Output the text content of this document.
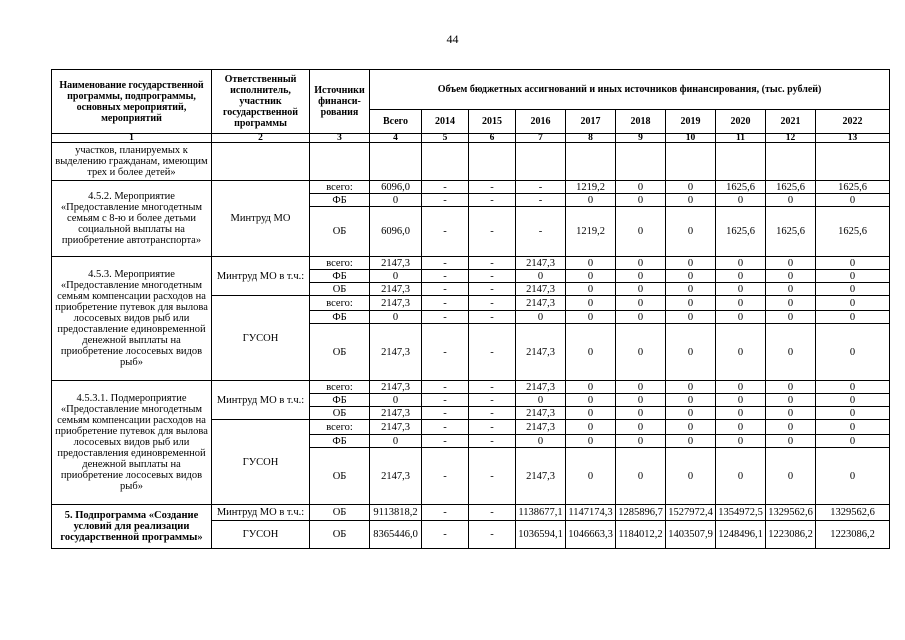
44
Наименование государственной программы, подпрограммы, основных мероприятий, мероприятий	Ответственный исполнитель, участник государственной программы	Источники финанси-рования	Объем бюджетных ассигнований и иных источников финансирования, (тыс. рублей)									
			Всего	2014	2015	2016	2017	2018	2019	2020	2021	2022
1	2	3	4	5	6	7	8	9	10	11	12	13
участков, планируемых к выделению гражданам, имеющим трех и более детей»												
4.5.2. Мероприятие «Предоставление многодетным семьям с 8-ю и более детьми социальной выплаты на приобретение автотранспорта»	Минтруд МО	всего:	6096,0	-	-	-	1219,2	0	0	1625,6	1625,6	1625,6
		ФБ	0	-	-	-	0	0	0	0	0	0
		ОБ	6096,0	-	-	-	1219,2	0	0	1625,6	1625,6	1625,6
4.5.3. Мероприятие «Предоставление многодетным семьям компенсации расходов на приобретение путевок для вылова лососевых видов рыб или предоставление единовременной денежной выплаты на приобретение лососевых видов рыб»	Минтруд МО в т.ч.:	всего:	2147,3	-	-	2147,3	0	0	0	0	0	0
		ФБ	0	-	-	0	0	0	0	0	0	0
		ОБ	2147,3	-	-	2147,3	0	0	0	0	0	0
	ГУСОН	всего:	2147,3	-	-	2147,3	0	0	0	0	0	0
		ФБ	0	-	-	0	0	0	0	0	0	0
		ОБ	2147,3	-	-	2147,3	0	0	0	0	0	0
4.5.3.1. Подмероприятие «Предоставление многодетным семьям компенсации расходов на приобретение путевок для вылова лососевых видов рыб или предоставления единовременной денежной выплаты на приобретение лососевых видов рыб»	Минтруд МО в т.ч.:	всего:	2147,3	-	-	2147,3	0	0	0	0	0	0
		ФБ	0	-	-	0	0	0	0	0	0	0
		ОБ	2147,3	-	-	2147,3	0	0	0	0	0	0
	ГУСОН	всего:	2147,3	-	-	2147,3	0	0	0	0	0	0
		ФБ	0	-	-	0	0	0	0	0	0	0
		ОБ	2147,3	-	-	2147,3	0	0	0	0	0	0
5. Подпрограмма «Создание условий для реализации государственной программы»	Минтруд МО в т.ч.:	ОБ	9113818,2	-	-	1138677,1	1147174,3	1285896,7	1527972,4	1354972,5	1329562,6	1329562,6
	ГУСОН	ОБ	8365446,0	-	-	1036594,1	1046663,3	1184012,2	1403507,9	1248496,1	1223086,2	1223086,2
